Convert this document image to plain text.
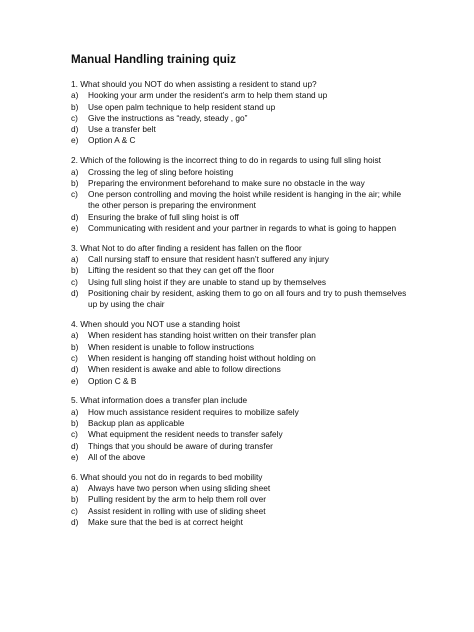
Manual Handling training quiz
1. What should you NOT do when assisting a resident to stand up?
a)	Hooking your arm under the resident’s arm to help them stand up
b)	Use open palm technique to help resident stand up
c)	Give the instructions as “ready, steady , go”
d)	Use a transfer belt
e)	Option A & C
2. Which of the following is the incorrect thing to do in regards to using full sling hoist
a)	Crossing the leg of sling before hoisting
b)	Preparing the environment beforehand to make sure no obstacle in the way
c)	One person controlling and moving the hoist while resident is hanging in the air; while the other person is preparing the environment
d)	Ensuring the brake of full sling hoist is off
e)	Communicating with resident and your partner in regards to what is going to happen
3. What Not to do after finding a resident has fallen on the floor
a)	Call nursing staff to ensure that resident hasn’t suffered any injury
b)	Lifting the resident so that they can get off the floor
c)	Using full sling hoist if they are unable to stand up by themselves
d)	Positioning chair by resident, asking them to go on all fours and try to push themselves up by using the chair
4. When should you NOT use a standing hoist
a)	When resident has standing hoist written on their transfer plan
b)	When resident is unable to follow instructions
c)	When resident is hanging off standing hoist without holding on
d)	When resident is awake and able to follow directions
e)	Option C & B
5. What information does a transfer plan include
a)	How much assistance resident requires to mobilize safely
b)	Backup plan as applicable
c)	What equipment the resident needs to transfer safely
d)	Things that you should be aware of during transfer
e)	All of the above
6. What should you not do in regards to bed mobility
a)	Always have two person when using sliding sheet
b)	Pulling resident by the arm to help them roll over
c)	Assist resident in rolling with use of sliding sheet
d)	Make sure that the bed is at correct height
